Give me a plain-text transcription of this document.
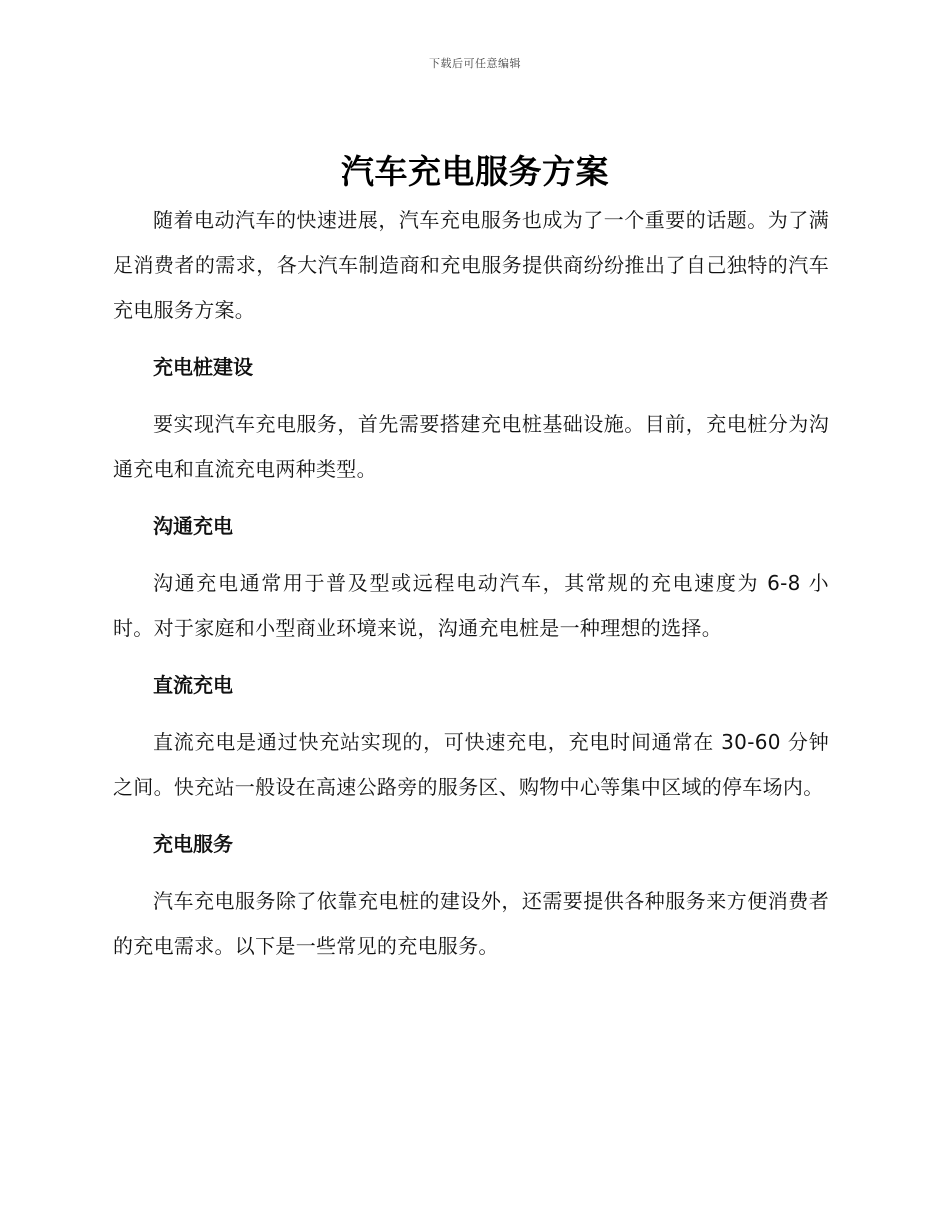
下载后可任意编辑
汽车充电服务方案

随着电动汽车的快速进展，汽车充电服务也成为了一个重要的话题。为了满足消费者的需求，各大汽车制造商和充电服务提供商纷纷推出了自己独特的汽车充电服务方案。

充电桩建设

要实现汽车充电服务，首先需要搭建充电桩基础设施。目前，充电桩分为沟通充电和直流充电两种类型。

沟通充电

沟通充电通常用于普及型或远程电动汽车，其常规的充电速度为 6-8 小时。对于家庭和小型商业环境来说，沟通充电桩是一种理想的选择。

直流充电

直流充电是通过快充站实现的，可快速充电，充电时间通常在 30-60 分钟之间。快充站一般设在高速公路旁的服务区、购物中心等集中区域的停车场内。

充电服务

汽车充电服务除了依靠充电桩的建设外，还需要提供各种服务来方便消费者的充电需求。以下是一些常见的充电服务。
